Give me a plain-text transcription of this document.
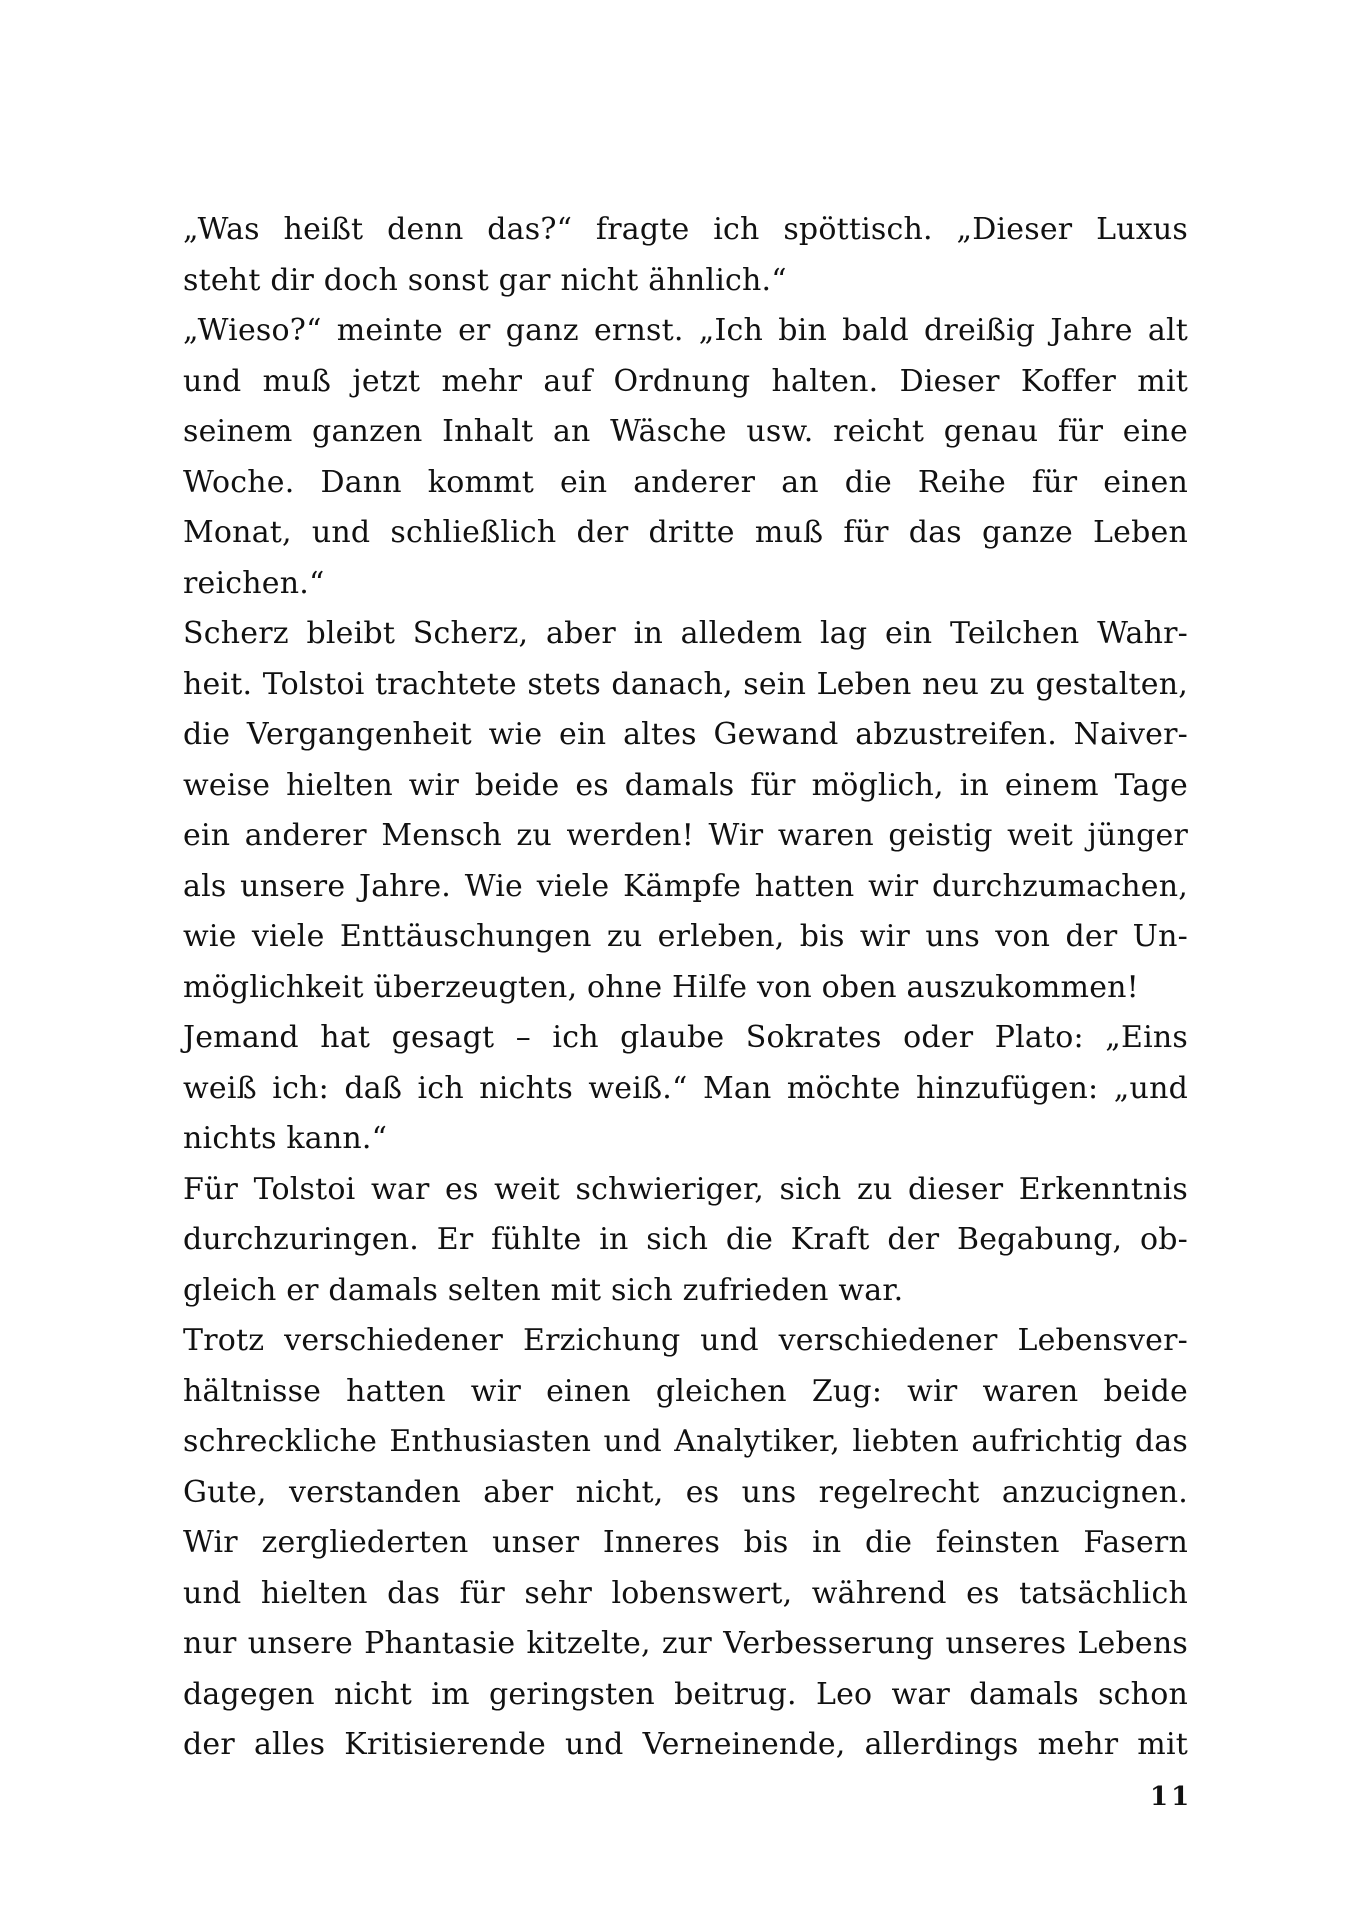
„Was heißt denn das?“ fragte ich spöttisch. „Dieser Luxus
steht dir doch sonst gar nicht ähnlich.“
„Wieso?“ meinte er ganz ernst. „Ich bin bald dreißig Jahre alt
und muß jetzt mehr auf Ordnung halten. Dieser Koffer mit
seinem ganzen Inhalt an Wäsche usw. reicht genau für eine
Woche. Dann kommt ein anderer an die Reihe für einen
Monat, und schließlich der dritte muß für das ganze Leben
reichen.“
Scherz bleibt Scherz, aber in alledem lag ein Teilchen Wahr-
heit. Tolstoi trachtete stets danach, sein Leben neu zu gestalten,
die Vergangenheit wie ein altes Gewand abzustreifen. Naiver-
weise hielten wir beide es damals für möglich, in einem Tage
ein anderer Mensch zu werden! Wir waren geistig weit jünger
als unsere Jahre. Wie viele Kämpfe hatten wir durchzumachen,
wie viele Enttäuschungen zu erleben, bis wir uns von der Un-
möglichkeit überzeugten, ohne Hilfe von oben auszukommen!
Jemand hat gesagt – ich glaube Sokrates oder Plato: „Eins
weiß ich: daß ich nichts weiß.“ Man möchte hinzufügen: „und
nichts kann.“
Für Tolstoi war es weit schwieriger, sich zu dieser Erkenntnis
durchzuringen. Er fühlte in sich die Kraft der Begabung, ob-
gleich er damals selten mit sich zufrieden war.
Trotz verschiedener Erzichung und verschiedener Lebensver-
hältnisse hatten wir einen gleichen Zug: wir waren beide
schreckliche Enthusiasten und Analytiker, liebten aufrichtig das
Gute, verstanden aber nicht, es uns regelrecht anzucignen.
Wir zergliederten unser Inneres bis in die feinsten Fasern
und hielten das für sehr lobenswert, während es tatsächlich
nur unsere Phantasie kitzelte, zur Verbesserung unseres Lebens
dagegen nicht im geringsten beitrug. Leo war damals schon
der alles Kritisierende und Verneinende, allerdings mehr mit
11
